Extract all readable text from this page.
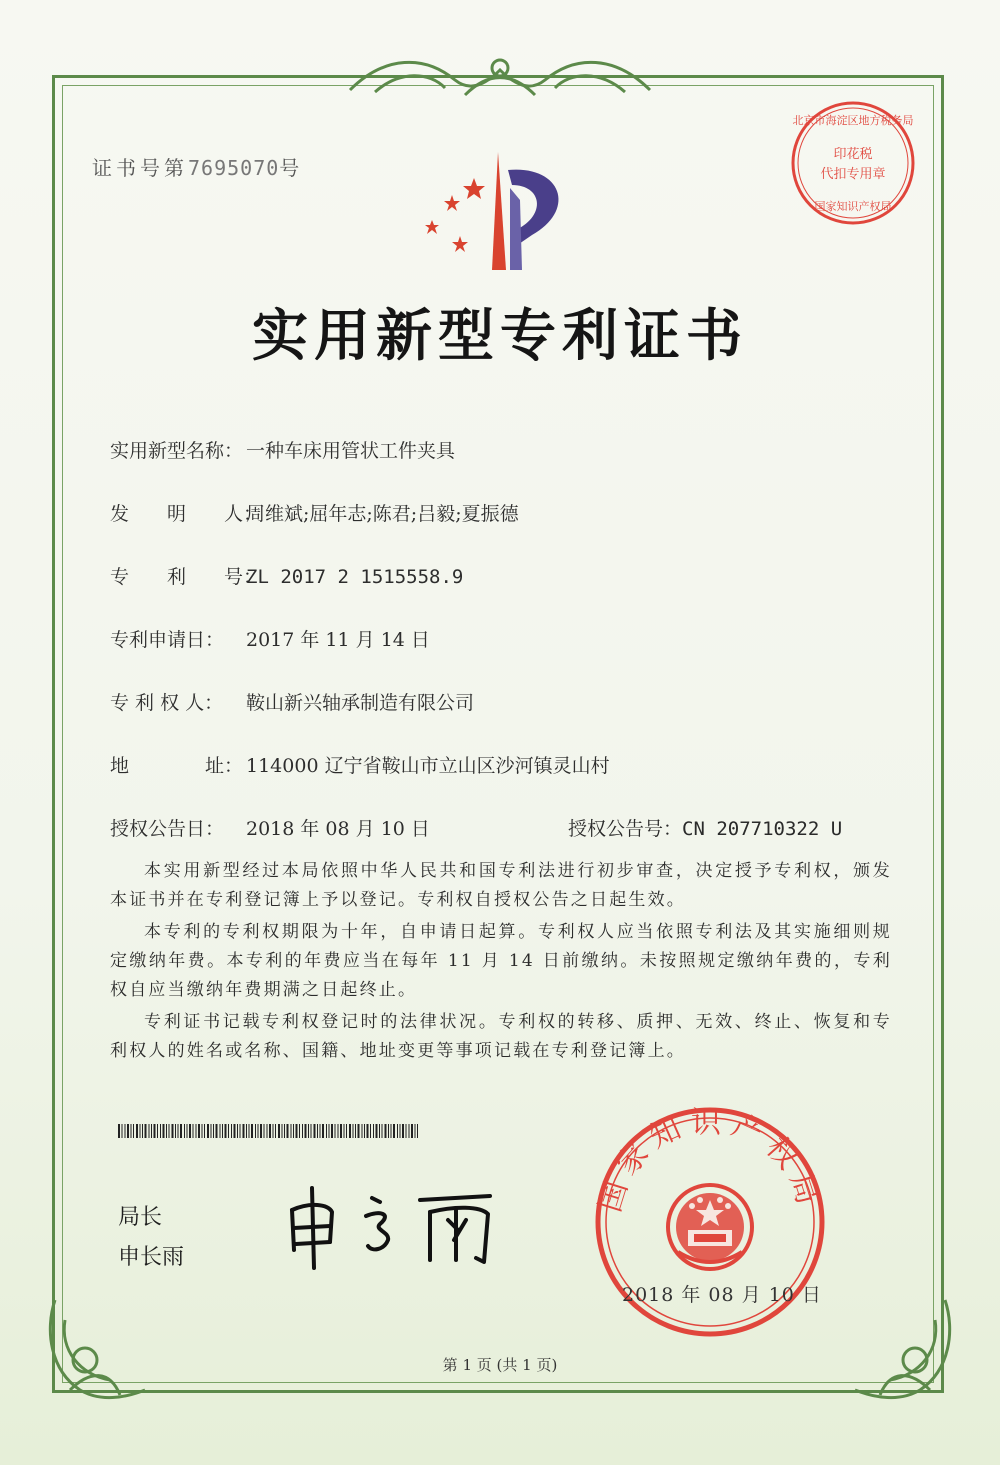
证书号第7695070号
北京市海淀区地方税务局
印花税
代扣专用章
国家知识产权局
实用新型专利证书
实用新型名称： 一种车床用管状工件夹具
发　　明　　人：周维斌;屈年志;陈君;吕毅;夏振德
专　　利　　号：ZL 2017 2 1515558.9
专利申请日： 2017 年 11 月 14 日
专 利 权 人： 鞍山新兴轴承制造有限公司
地　　　　址： 114000 辽宁省鞍山市立山区沙河镇灵山村
授权公告日： 2018 年 08 月 10 日	授权公告号：CN 207710322 U
本实用新型经过本局依照中华人民共和国专利法进行初步审查，决定授予专利权，颁发本证书并在专利登记簿上予以登记。专利权自授权公告之日起生效。
本专利的专利权期限为十年，自申请日起算。专利权人应当依照专利法及其实施细则规定缴纳年费。本专利的年费应当在每年 11 月 14 日前缴纳。未按照规定缴纳年费的，专利权自应当缴纳年费期满之日起终止。
专利证书记载专利权登记时的法律状况。专利权的转移、质押、无效、终止、恢复和专利权人的姓名或名称、国籍、地址变更等事项记载在专利登记簿上。
局长
申长雨
国家知识产权局
2018 年 08 月 10 日
第 1 页 (共 1 页)
